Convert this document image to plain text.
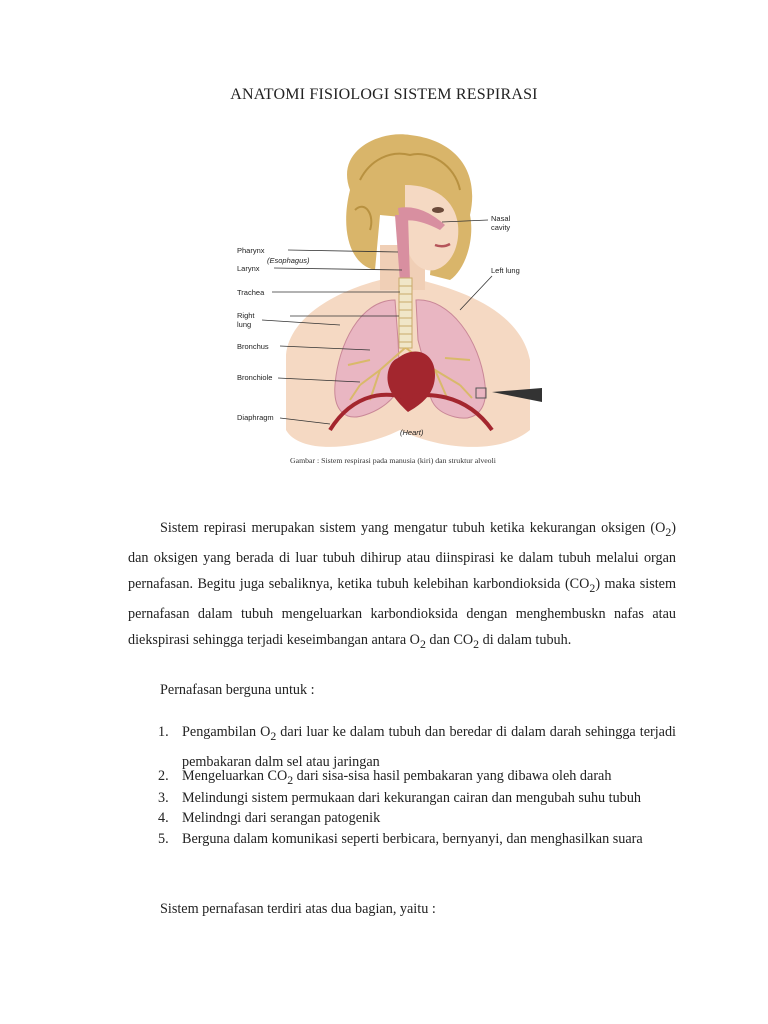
ANATOMI FISIOLOGI SISTEM RESPIRASI
Pharynx
(Esophagus)
Larynx
Trachea
Right
lung
Bronchus
Bronchiole
Diaphragm
Nasal
cavity
Left lung
(Heart)
Gambar : Sistem respirasi pada manusia (kiri) dan struktur alveoli

Sistem repirasi merupakan sistem yang mengatur tubuh ketika kekurangan oksigen $(O_2)$ dan oksigen yang berada di luar tubuh dihirup atau diinspirasi ke dalam tubuh melalui organ pernafasan. Begitu juga sebaliknya, ketika tubuh kelebihan karbondioksida $(CO_2)$ maka sistem pernafasan dalam tubuh mengeluarkan karbondioksida dengan menghembuskn nafas atau diekspirasi sehingga terjadi keseimbangan antara $O_2$ dan $CO_2$ di dalam tubuh.

Pernafasan berguna untuk :

1. Pengambilan $O_2$ dari luar ke dalam tubuh dan beredar di dalam darah sehingga terjadi pembakaran dalm sel atau jaringan
2. Mengeluarkan $CO_2$ dari sisa-sisa hasil pembakaran yang dibawa oleh darah
3. Melindungi sistem permukaan dari kekurangan cairan dan mengubah suhu tubuh
4. Melindngi dari serangan patogenik
5. Berguna dalam komunikasi seperti berbicara, bernyanyi, dan menghasilkan suara

Sistem pernafasan terdiri atas dua bagian, yaitu :
